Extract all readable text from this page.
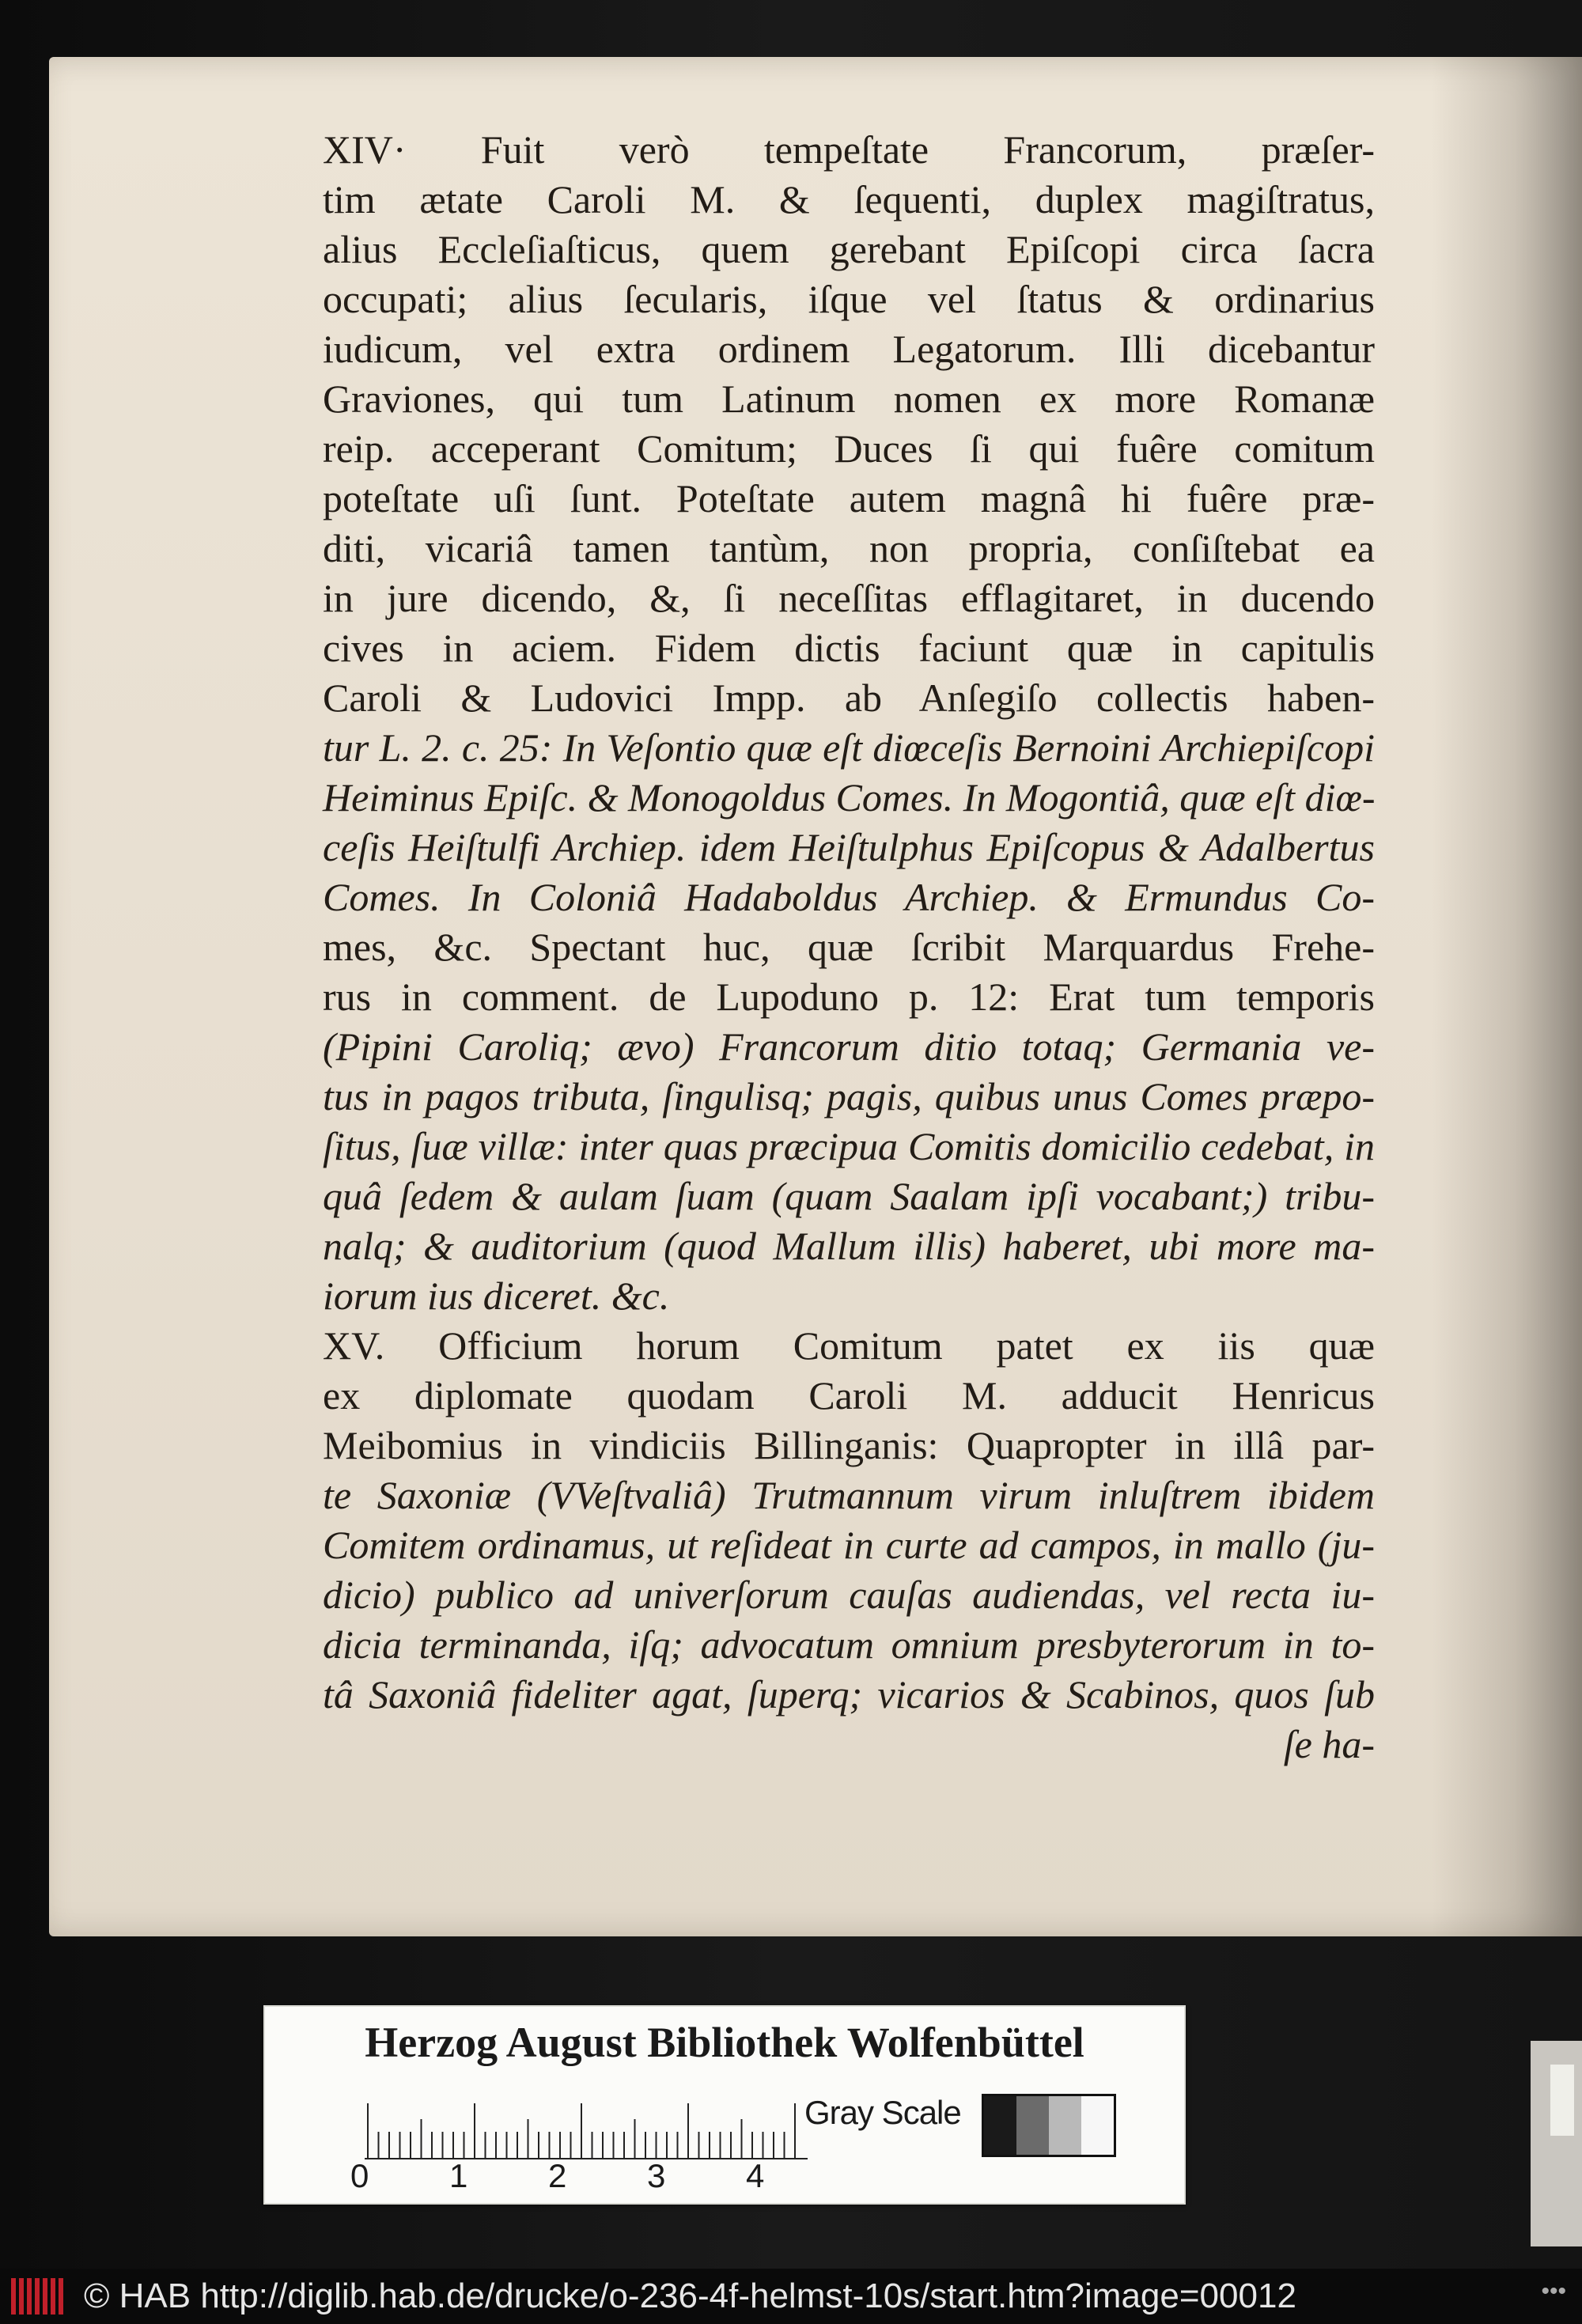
XIV· Fuit verò tempeſtate Francorum, præſer-
tim ætate Caroli M. & ſequenti, duplex magiſtratus,
alius Eccleſiaſticus, quem gerebant Epiſcopi circa ſacra
occupati; alius ſecularis, iſque vel ſtatus & ordinarius
iudicum, vel extra ordinem Legatorum. Illi dicebantur
Graviones, qui tum Latinum nomen ex more Romanæ
reip. acceperant Comitum; Duces ſi qui fuêre comitum
poteſtate uſi ſunt. Poteſtate autem magnâ hi fuêre præ-
diti, vicariâ tamen tantùm, non propria, conſiſtebat ea
in jure dicendo, &, ſi neceſſitas efflagitaret, in ducendo
cives in aciem. Fidem dictis faciunt quæ in capitulis
Caroli & Ludovici Impp. ab Anſegiſo collectis haben-
tur L. 2. c. 25: In Veſontio quæ eſt diœceſis Bernoini Archiepiſcopi
Heiminus Epiſc. & Monogoldus Comes. In Mogontiâ, quæ eſt diœ-
ceſis Heiſtulfi Archiep. idem Heiſtulphus Epiſcopus & Adalbertus
Comes. In Coloniâ Hadaboldus Archiep. & Ermundus Co-
mes, &c. Spectant huc, quæ ſcribit Marquardus Frehe-
rus in comment. de Lupoduno p. 12: Erat tum temporis
(Pipini Caroliq; ævo) Francorum ditio totaq; Germania ve-
tus in pagos tributa, ſingulisq; pagis, quibus unus Comes præpo-
ſitus, ſuæ villæ: inter quas præcipua Comitis domicilio cedebat, in
quâ ſedem & aulam ſuam (quam Saalam ipſi vocabant;) tribu-
nalq; & auditorium (quod Mallum illis) haberet, ubi more ma-
iorum ius diceret. &c.
XV. Officium horum Comitum patet ex iis quæ
ex diplomate quodam Caroli M. adducit Henricus
Meibomius in vindiciis Billinganis: Quapropter in illâ par-
te Saxoniæ (VVeſtvaliâ) Trutmannum virum inluſtrem ibidem
Comitem ordinamus, ut reſideat in curte ad campos, in mallo (ju-
dicio) publico ad univerſorum cauſas audiendas, vel recta iu-
dicia terminanda, iſq; advocatum omnium presbyterorum in to-
tâ Saxoniâ fideliter agat, ſuperq; vicarios & Scabinos, quos ſub
ſe ha-
Herzog August Bibliothek Wolfenbüttel
Gray Scale
0 1 2 3 4
© HAB http://diglib.hab.de/drucke/o-236-4f-helmst-10s/start.htm?image=00012	•••
